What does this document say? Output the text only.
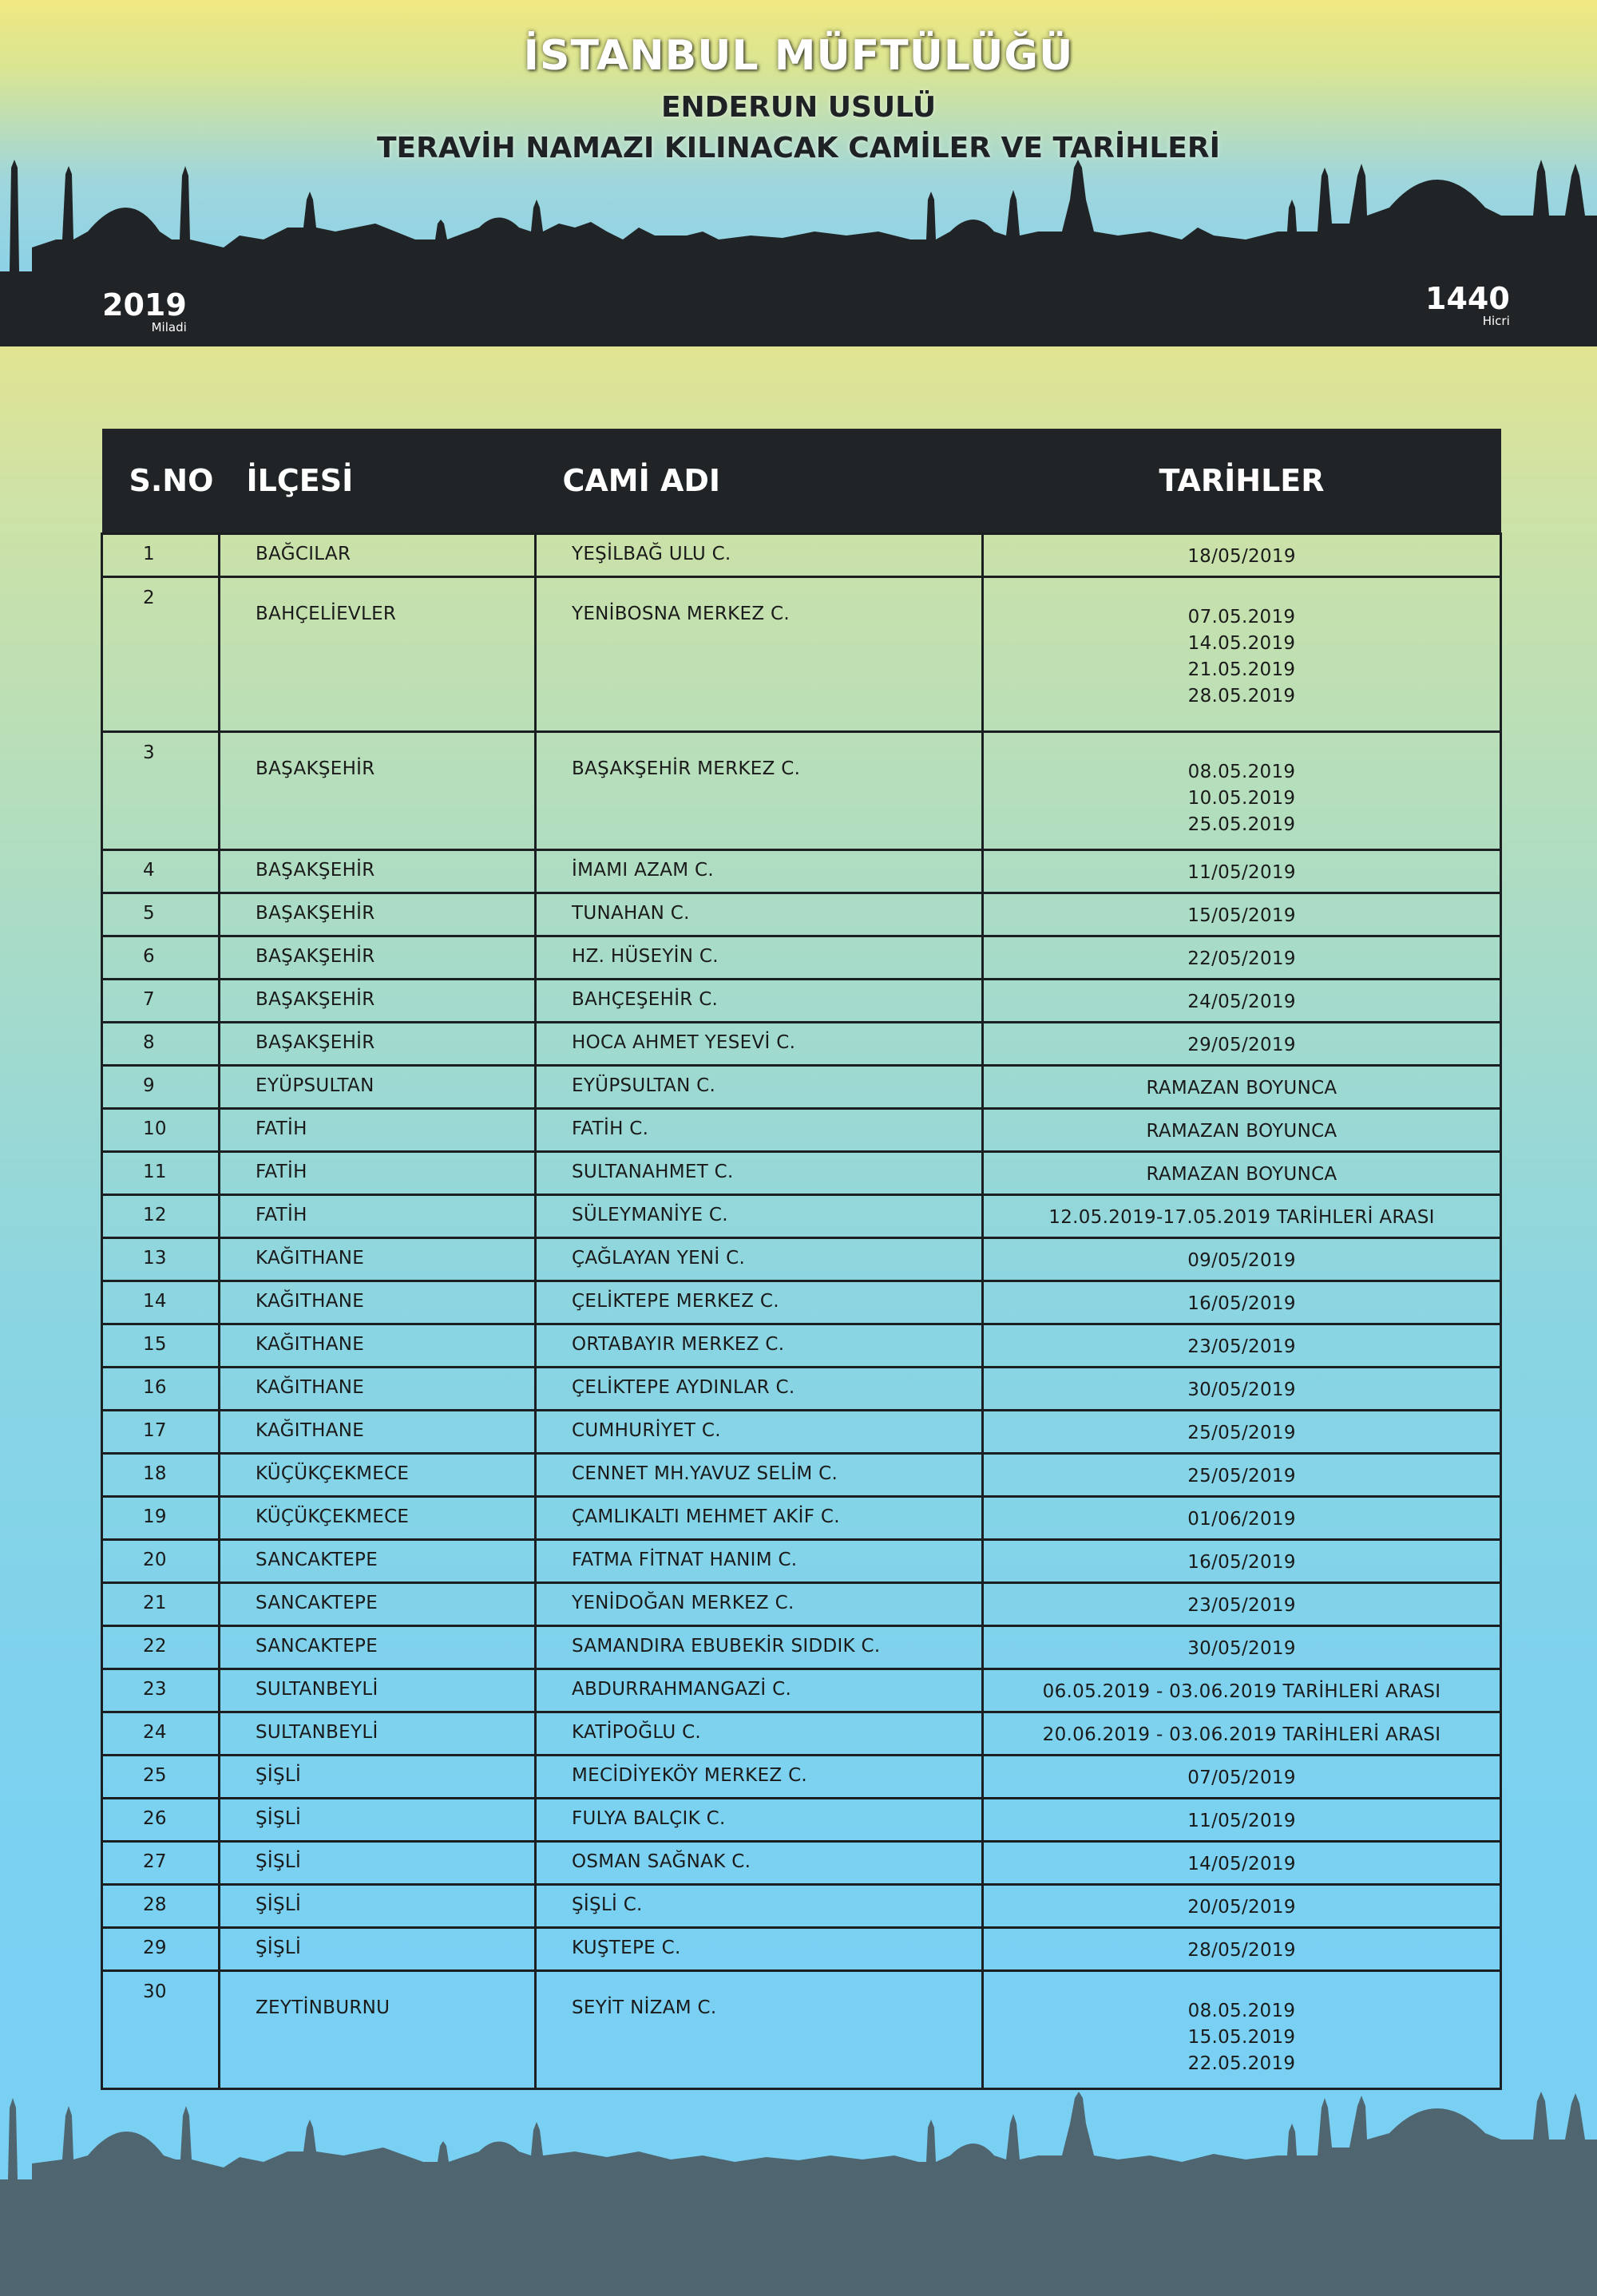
İSTANBUL MÜFTÜLÜĞÜ
ENDERUN USULÜ
TERAVİH NAMAZI KILINACAK CAMİLER VE TARİHLERİ
2019
Miladi
1440
Hicri
S.NO	İLÇESİ	CAMİ ADI	TARİHLER
1	BAĞCILAR	YEŞİLBAĞ ULU C.	18/05/2019

2	BAHÇELİEVLER	YENİBOSNA MERKEZ C.	07.05.2019
14.05.2019
21.05.2019
28.05.2019

3	BAŞAKŞEHİR	BAŞAKŞEHİR MERKEZ C.	08.05.2019
10.05.2019
25.05.2019

4	BAŞAKŞEHİR	İMAMI AZAM C.	11/05/2019

5	BAŞAKŞEHİR	TUNAHAN C.	15/05/2019

6	BAŞAKŞEHİR	HZ. HÜSEYİN C.	22/05/2019

7	BAŞAKŞEHİR	BAHÇEŞEHİR C.	24/05/2019

8	BAŞAKŞEHİR	HOCA AHMET YESEVİ C.	29/05/2019

9	EYÜPSULTAN	EYÜPSULTAN C.	RAMAZAN BOYUNCA

10	FATİH	FATİH C.	RAMAZAN BOYUNCA

11	FATİH	SULTANAHMET C.	RAMAZAN BOYUNCA

12	FATİH	SÜLEYMANİYE C.	12.05.2019-17.05.2019 TARİHLERİ ARASI

13	KAĞITHANE	ÇAĞLAYAN YENİ C.	09/05/2019

14	KAĞITHANE	ÇELİKTEPE MERKEZ C.	16/05/2019

15	KAĞITHANE	ORTABAYIR MERKEZ C.	23/05/2019

16	KAĞITHANE	ÇELİKTEPE AYDINLAR C.	30/05/2019

17	KAĞITHANE	CUMHURİYET C.	25/05/2019

18	KÜÇÜKÇEKMECE	CENNET MH.YAVUZ SELİM C.	25/05/2019

19	KÜÇÜKÇEKMECE	ÇAMLIKALTI MEHMET AKİF C.	01/06/2019

20	SANCAKTEPE	FATMA FİTNAT HANIM C.	16/05/2019

21	SANCAKTEPE	YENİDOĞAN MERKEZ C.	23/05/2019

22	SANCAKTEPE	SAMANDIRA EBUBEKİR SIDDIK C.	30/05/2019

23	SULTANBEYLİ	ABDURRAHMANGAZİ C.	06.05.2019 - 03.06.2019 TARİHLERİ ARASI

24	SULTANBEYLİ	KATİPOĞLU C.	20.06.2019 - 03.06.2019 TARİHLERİ ARASI

25	ŞİŞLİ	MECİDİYEKÖY MERKEZ C.	07/05/2019

26	ŞİŞLİ	FULYA BALÇIK C.	11/05/2019

27	ŞİŞLİ	OSMAN SAĞNAK C.	14/05/2019

28	ŞİŞLİ	ŞİŞLİ C.	20/05/2019

29	ŞİŞLİ	KUŞTEPE C.	28/05/2019

30	ZEYTİNBURNU	SEYİT NİZAM C.	08.05.2019
15.05.2019
22.05.2019
